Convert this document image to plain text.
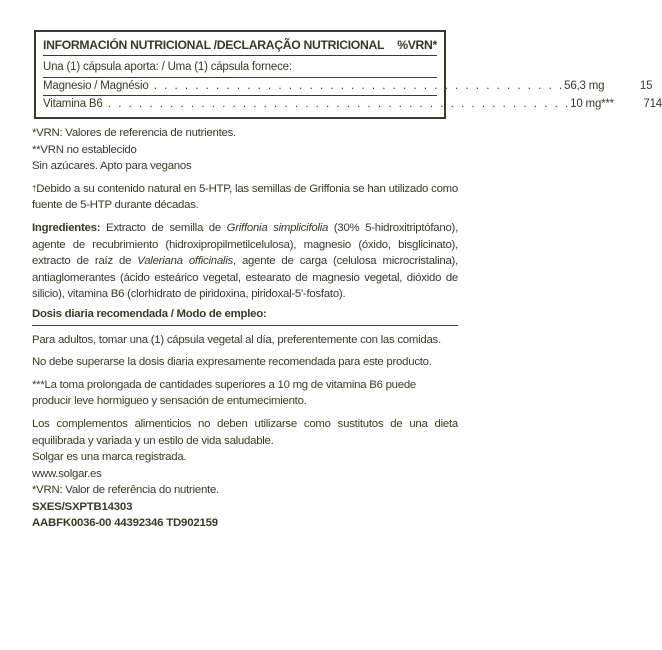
INFORMACIÓN NUTRICIONAL /DECLARAÇÃO NUTRICIONAL %VRN*
Una (1) cápsula aporta: / Uma (1) cápsula fornece:
Magnesio / Magnésio . . . . . . . . . . . . . . . . . . . . . . . . . . . . . . . . . . . . . . . . 56,3 mg	15
Vitamina B6 . . . . . . . . . . . . . . . . . . . . . . . . . . . . . . . . . . . . . . . . . . . . . 10 mg***	714

*VRN: Valores de referencia de nutrientes.

**VRN no establecido

Sin azúcares. Apto para veganos

†Debido a su contenido natural en 5-HTP, las semillas de Griffonia se han utilizado como fuente de 5-HTP durante décadas.

Ingredientes: Extracto de semilla de Griffonia simplicifolia (30% 5-hidroxitriptófano), agente de recubrimiento (hidroxipropilmetilcelulosa), magnesio (óxido, bisglicinato), extracto de raíz de Valeriana officinalis, agente de carga (celulosa microcristalina), antiaglomerantes (ácido esteárico vegetal, estearato de magnesio vegetal, dióxido de silicio), vitamina B6 (clorhidrato de piridoxina, piridoxal-5'-fosfato).

Dosis diaria recomendada / Modo de empleo:

Para adultos, tomar una (1) cápsula vegetal al día, preferentemente con las comidas.

No debe superarse la dosis diaria expresamente recomendada para este producto.

***La toma prolongada de cantidades superiores a 10 mg de vitamina B6 puede producir leve hormigueo y sensación de entumecimiento.

Los complementos alimenticios no deben utilizarse como sustitutos de una dieta equilibrada y variada y un estilo de vida saludable.

Solgar es una marca registrada.

www.solgar.es

*VRN: Valor de referência do nutriente.

SXES/SXPTB14303
AABFK0036-00 44392346 TD902159
